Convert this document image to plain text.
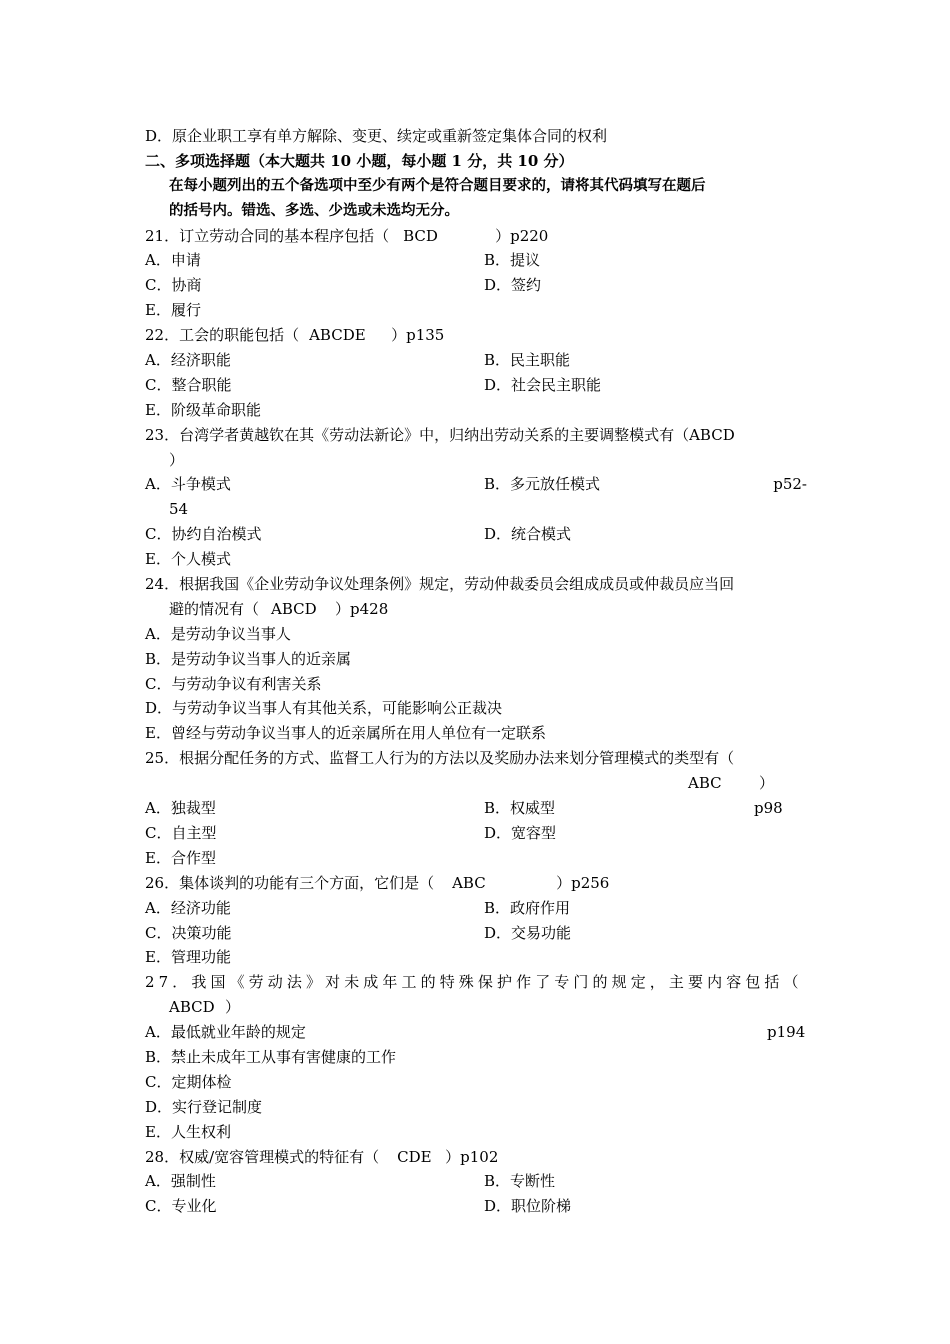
D．原企业职工享有单方解除、变更、续定或重新签定集体合同的权利
二、多项选择题（本大题共 10 小题，每小题 1 分，共 10 分）
在每小题列出的五个备选项中至少有两个是符合题目要求的，请将其代码填写在题后
的括号内。错选、多选、少选或未选均无分。
21．订立劳动合同的基本程序包括（ BCD	）p220
A．申请	B．提议
C．协商	D．签约
E．履行
22．工会的职能包括（ ABCDE ）p135
A．经济职能	B．民主职能
C．整合职能	D．社会民主职能
E．阶级革命职能
23．台湾学者黄越钦在其《劳动法新论》中，归纳出劳动关系的主要调整模式有（ABCD
）
A．斗争模式	B．多元放任模式	p52-
54
C．协约自治模式	D．统合模式
E．个人模式
24．根据我国《企业劳动争议处理条例》规定，劳动仲裁委员会组成成员或仲裁员应当回
避的情况有（ ABCD ）p428
A．是劳动争议当事人
B．是劳动争议当事人的近亲属
C．与劳动争议有利害关系
D．与劳动争议当事人有其他关系，可能影响公正裁决
E．曾经与劳动争议当事人的近亲属所在用人单位有一定联系
25．根据分配任务的方式、监督工人行为的方法以及奖励办法来划分管理模式的类型有（
ABC ）
A．独裁型	B．权威型	p98
C．自主型	D．宽容型
E．合作型
26．集体谈判的功能有三个方面，它们是（ ABC	）p256
A．经济功能	B．政府作用
C．决策功能	D．交易功能
E．管理功能
27．我国《劳动法》对未成年工的特殊保护作了专门的规定，主要内容包括（
ABCD ）
A．最低就业年龄的规定	p194
B．禁止未成年工从事有害健康的工作
C．定期体检
D．实行登记制度
E．人生权利
28．权威/宽容管理模式的特征有（ CDE ）p102
A．强制性	B．专断性
C．专业化	D．职位阶梯
